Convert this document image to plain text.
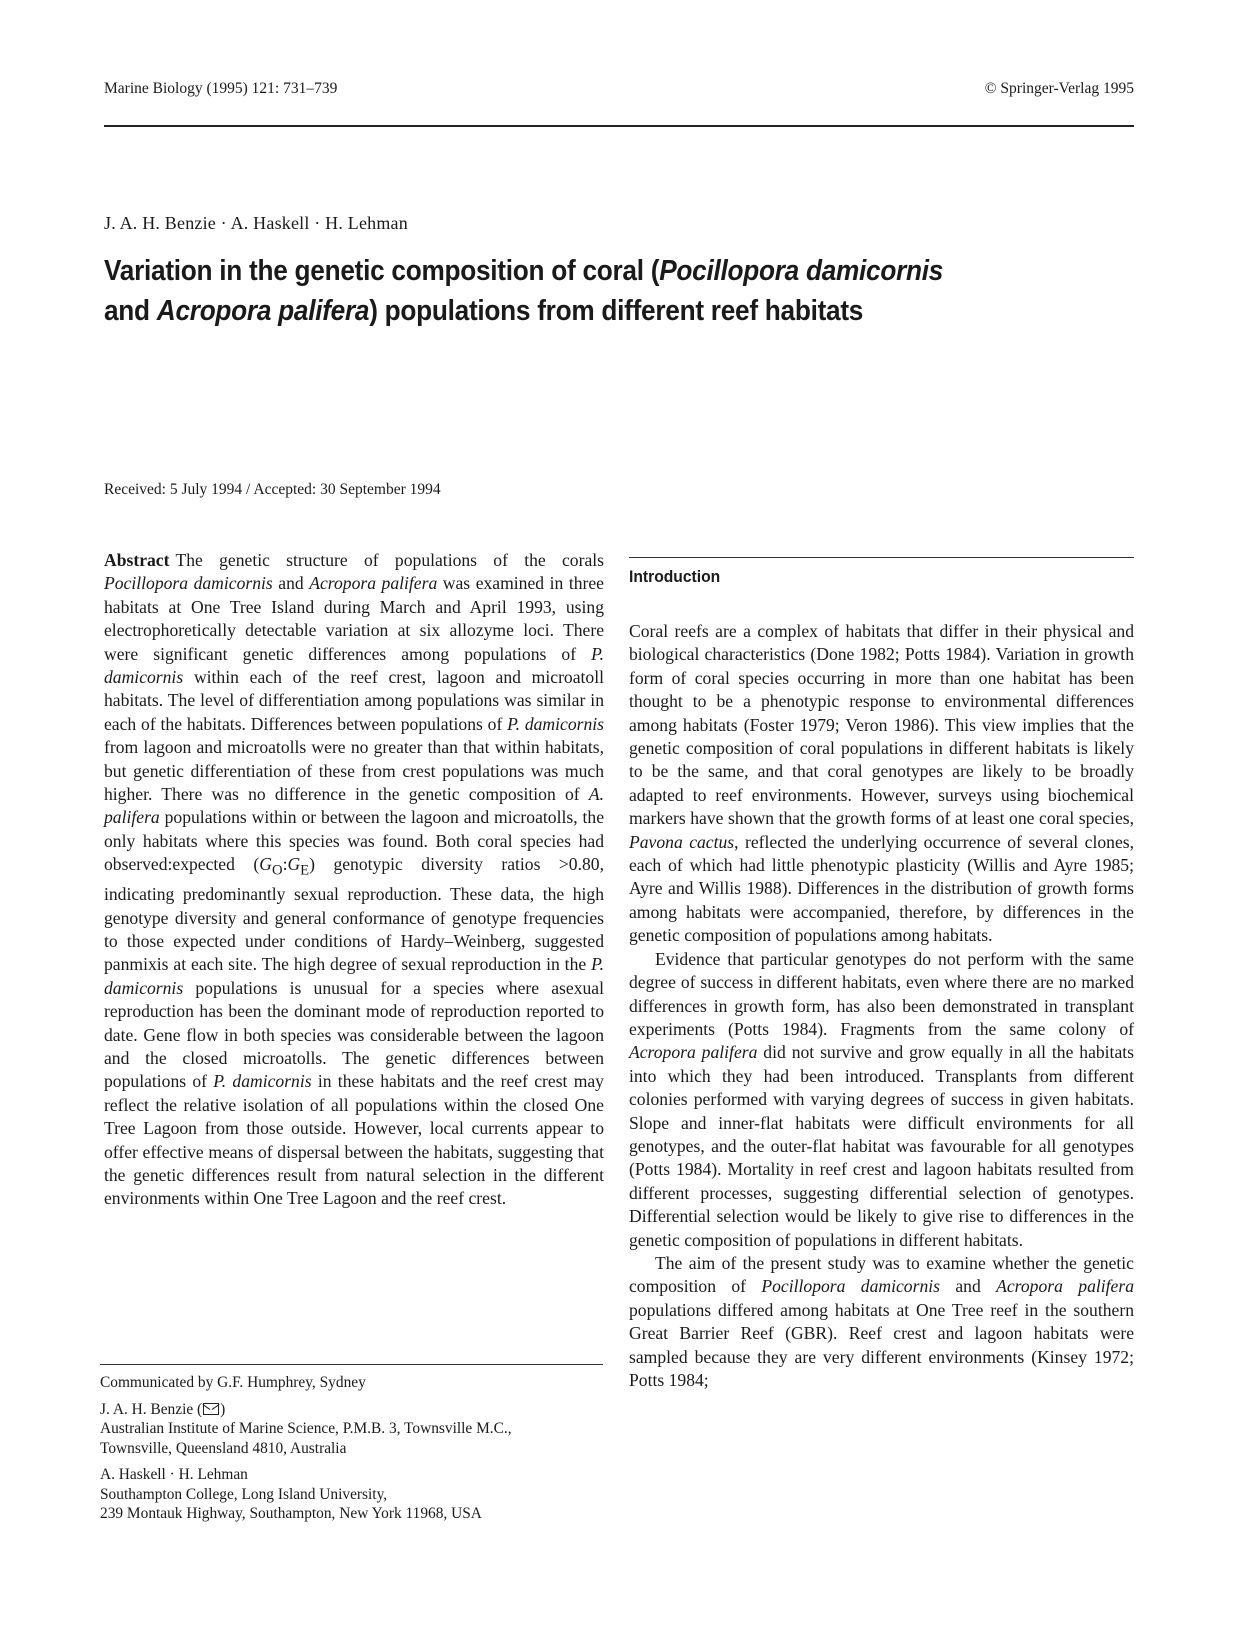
Marine Biology (1995) 121: 731–739	© Springer-Verlag 1995
J. A. H. Benzie · A. Haskell · H. Lehman
Variation in the genetic composition of coral (Pocillopora damicornis
and Acropora palifera) populations from different reef habitats
Received: 5 July 1994 / Accepted: 30 September 1994

Abstract The genetic structure of populations of the corals Pocillopora damicornis and Acropora palifera was examined in three habitats at One Tree Island during March and April 1993, using electrophoretically detectable variation at six allozyme loci. There were significant genetic differences among populations of P. damicornis within each of the reef crest, lagoon and microatoll habitats. The level of differentiation among populations was similar in each of the habitats. Differences between populations of P. damicornis from lagoon and microatolls were no greater than that within habitats, but genetic differentiation of these from crest populations was much higher. There was no difference in the genetic composition of A. palifera populations within or between the lagoon and microatolls, the only habitats where this species was found. Both coral species had observed:expected $(G_O:G_E)$ genotypic diversity ratios >0.80, indicating predominantly sexual reproduction. These data, the high genotype diversity and general conformance of genotype frequencies to those expected under conditions of Hardy–Weinberg, suggested panmixis at each site. The high degree of sexual reproduction in the P. damicornis populations is unusual for a species where asexual reproduction has been the dominant mode of reproduction reported to date. Gene flow in both species was considerable between the lagoon and the closed microatolls. The genetic differences between populations of P. damicornis in these habitats and the reef crest may reflect the relative isolation of all populations within the closed One Tree Lagoon from those outside. However, local currents appear to offer effective means of dispersal between the habitats, suggesting that the genetic differences result from natural selection in the different environments within One Tree Lagoon and the reef crest.

Communicated by G.F. Humphrey, Sydney

J. A. H. Benzie ( )
Australian Institute of Marine Science, P.M.B. 3, Townsville M.C.,
Townsville, Queensland 4810, Australia
A. Haskell · H. Lehman
Southampton College, Long Island University,
239 Montauk Highway, Southampton, New York 11968, USA
Introduction

Coral reefs are a complex of habitats that differ in their physical and biological characteristics (Done 1982; Potts 1984). Variation in growth form of coral species occurring in more than one habitat has been thought to be a phenotypic response to environmental differences among habitats (Foster 1979; Veron 1986). This view implies that the genetic composition of coral populations in different habitats is likely to be the same, and that coral genotypes are likely to be broadly adapted to reef environments. However, surveys using biochemical markers have shown that the growth forms of at least one coral species, Pavona cactus, reflected the underlying occurrence of several clones, each of which had little phenotypic plasticity (Willis and Ayre 1985; Ayre and Willis 1988). Differences in the distribution of growth forms among habitats were accompanied, therefore, by differences in the genetic composition of populations among habitats.

Evidence that particular genotypes do not perform with the same degree of success in different habitats, even where there are no marked differences in growth form, has also been demonstrated in transplant experiments (Potts 1984). Fragments from the same colony of Acropora palifera did not survive and grow equally in all the habitats into which they had been introduced. Transplants from different colonies performed with varying degrees of success in given habitats. Slope and inner-flat habitats were difficult environments for all genotypes, and the outer-flat habitat was favourable for all genotypes (Potts 1984). Mortality in reef crest and lagoon habitats resulted from different processes, suggesting differential selection of genotypes. Differential selection would be likely to give rise to differences in the genetic composition of populations in different habitats.

The aim of the present study was to examine whether the genetic composition of Pocillopora damicornis and Acropora palifera populations differed among habitats at One Tree reef in the southern Great Barrier Reef (GBR). Reef crest and lagoon habitats were sampled because they are very different environments (Kinsey 1972; Potts 1984;
